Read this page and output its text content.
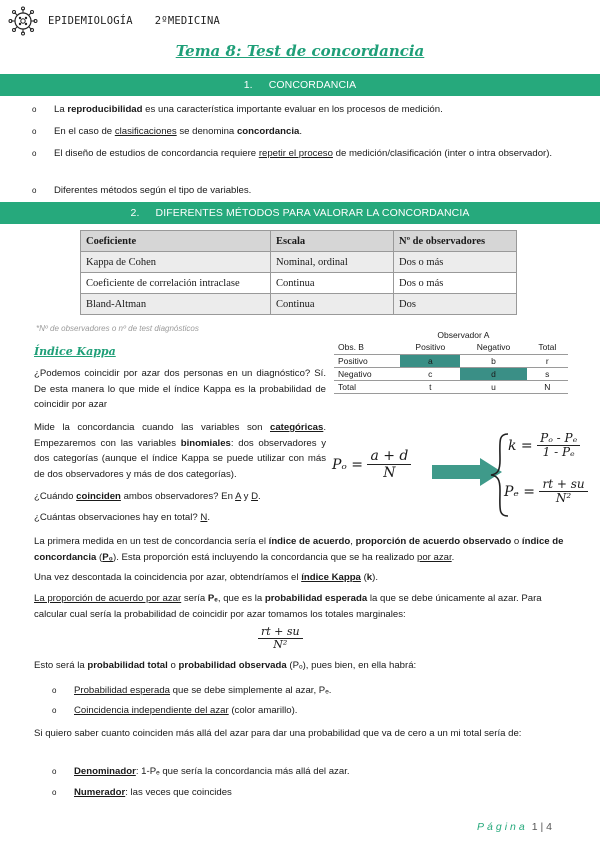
EPIDEMIOLOGÍA 2ºMEDICINA
Tema 8: Test de concordancia
1. CONCORDANCIA
o La reproducibilidad es una característica importante evaluar en los procesos de medición.
o En el caso de clasificaciones se denomina concordancia.
o El diseño de estudios de concordancia requiere repetir el proceso de medición/clasificación (inter o intra observador).
o Diferentes métodos según el tipo de variables.
2. DIFERENTES MÉTODOS PARA VALORAR LA CONCORDANCIA
Coeficiente	Escala	Nº de observadores
Kappa de Cohen	Nominal, ordinal	Dos o más
Coeficiente de correlación intraclase	Continua	Dos o más
Bland-Altman	Continua	Dos
*Nº de observadores o nº de test diagnósticos
Índice Kappa
	Observador A		
Obs. B	Positivo	Negativo	Total
Positivo	a	b	r
Negativo	c	d	s
Total	t	u	N
¿Podemos coincidir por azar dos personas en un diagnóstico? Sí. De esta manera lo que mide el índice Kappa es la probabilidad de coincidir por azar
Mide la concordancia cuando las variables son categóricas. Empezaremos con las variables binomiales: dos observadores y dos categorías (aunque el índice Kappa se puede utilizar con más de dos observadores y más de dos categorías).
¿Cuándo coinciden ambos observadores? En A y D.
¿Cuántas observaciones hay en total? N.
$P_o = \frac{a + d}{N}$
$k = \frac{\text{Pₒ - Pₑ}}{\text{1 - Pₑ}}$
$P_e = \frac{rt + su}{\text{N²}}$
La primera medida en un test de concordancia sería el índice de acuerdo, proporción de acuerdo observado o índice de concordancia (P₀). Esta proporción está incluyendo la concordancia que se ha realizado por azar.
Una vez descontada la coincidencia por azar, obtendríamos el índice Kappa (k).
La proporción de acuerdo por azar sería Pₑ, que es la probabilidad esperada la que se debe únicamente al azar. Para calcular cual sería la probabilidad de coincidir por azar tomamos los totales marginales:
$\frac{rt + su}{\text{N²}}$
Esto será la probabilidad total o probabilidad observada (Pₒ), pues bien, en ella habrá:
o Probabilidad esperada que se debe simplemente al azar, Pₑ.
o Coincidencia independiente del azar (color amarillo).
Si quiero saber cuanto coinciden más allá del azar para dar una probabilidad que va de cero a un mi total sería de:
o Denominador: 1-Pₑ que sería la concordancia más allá del azar.
o Numerador: las veces que coincides
Página 1 | 4
